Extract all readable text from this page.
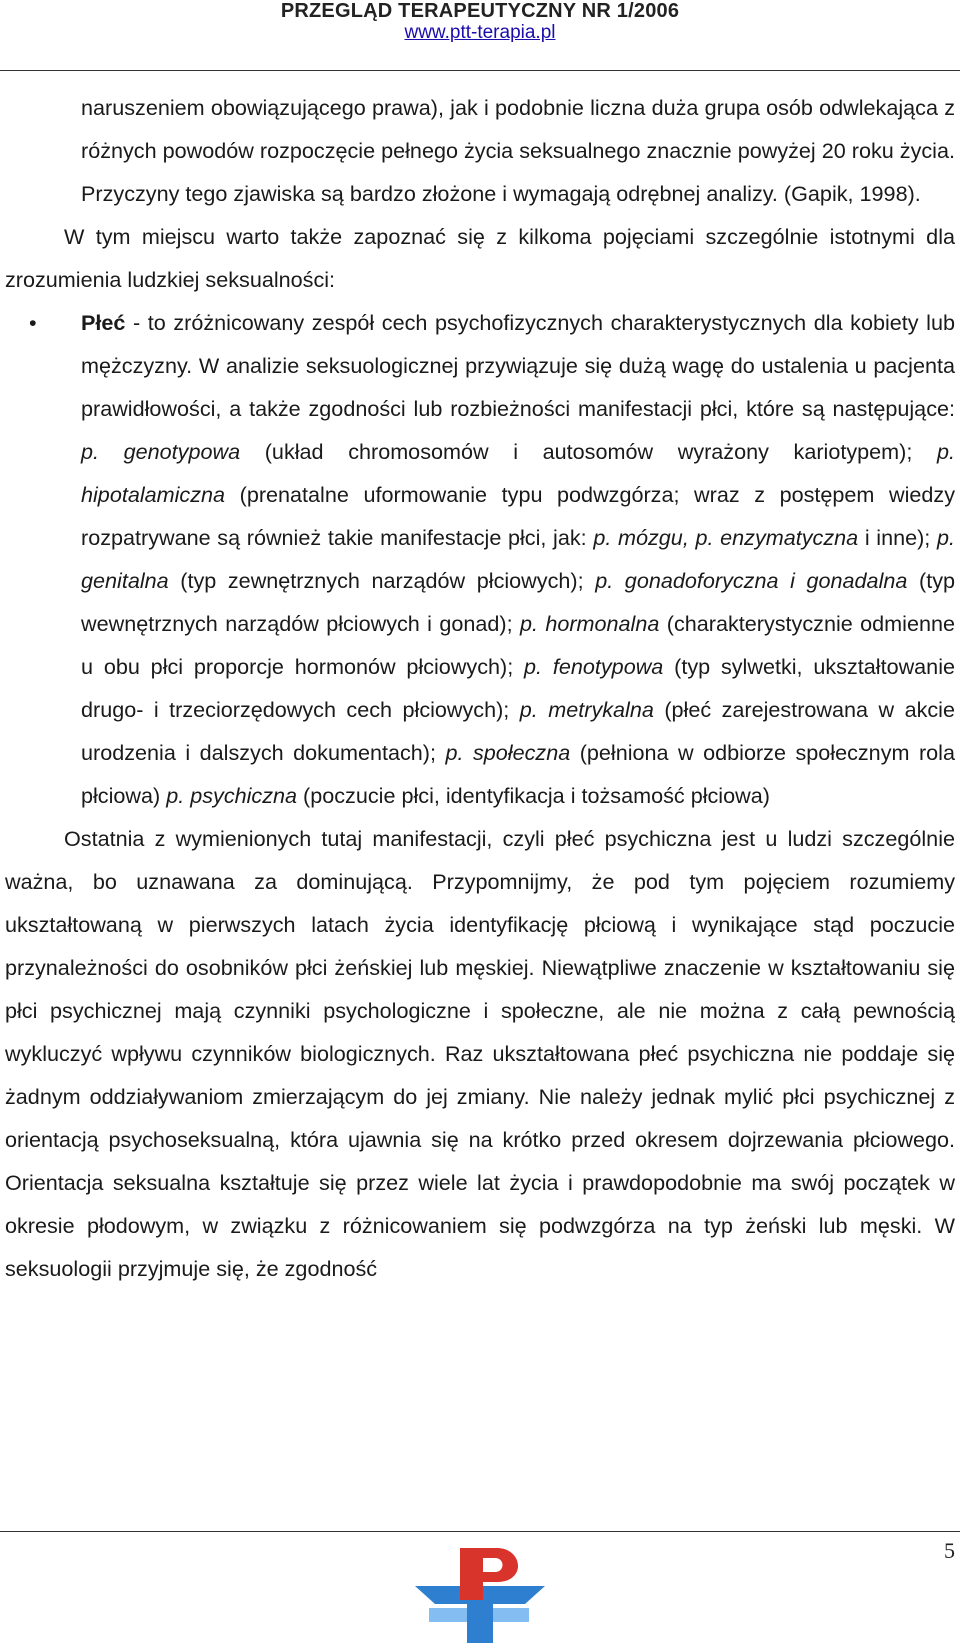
PRZEGLĄD TERAPEUTYCZNY NR 1/2006
www.ptt-terapia.pl

naruszeniem obowiązującego prawa), jak i podobnie liczna duża grupa osób odwlekająca z różnych powodów rozpoczęcie pełnego życia seksualnego znacznie powyżej 20 roku życia. Przyczyny tego zjawiska są bardzo złożone i wymagają odrębnej analizy. (Gapik, 1998).

W tym miejscu warto także zapoznać się z kilkoma pojęciami szczególnie istotnymi dla zrozumienia ludzkiej seksualności:

• Płeć - to zróżnicowany zespół cech psychofizycznych charakterystycznych dla kobiety lub mężczyzny. W analizie seksuologicznej przywiązuje się dużą wagę do ustalenia u pacjenta prawidłowości, a także zgodności lub rozbieżności manifestacji płci, które są następujące: p. genotypowa (układ chromosomów i autosomów wyrażony kariotypem); p. hipotalamiczna (prenatalne uformowanie typu podwzgórza; wraz z postępem wiedzy rozpatrywane są również takie manifestacje płci, jak: p. mózgu, p. enzymatyczna i inne); p. genitalna (typ zewnętrznych narządów płciowych); p. gonadoforyczna i gonadalna (typ wewnętrznych narządów płciowych i gonad); p. hormonalna (charakterystycznie odmienne u obu płci proporcje hormonów płciowych); p. fenotypowa (typ sylwetki, ukształtowanie drugo- i trzeciorzędowych cech płciowych); p. metrykalna (płeć zarejestrowana w akcie urodzenia i dalszych dokumentach); p. społeczna (pełniona w odbiorze społecznym rola płciowa) p. psychiczna (poczucie płci, identyfikacja i tożsamość płciowa)

Ostatnia z wymienionych tutaj manifestacji, czyli płeć psychiczna jest u ludzi szczególnie ważna, bo uznawana za dominującą. Przypomnijmy, że pod tym pojęciem rozumiemy ukształtowaną w pierwszych latach życia identyfikację płciową i wynikające stąd poczucie przynależności do osobników płci żeńskiej lub męskiej. Niewątpliwe znaczenie w kształtowaniu się płci psychicznej mają czynniki psychologiczne i społeczne, ale nie można z całą pewnością wykluczyć wpływu czynników biologicznych. Raz ukształtowana płeć psychiczna nie poddaje się żadnym oddziaływaniom zmierzającym do jej zmiany. Nie należy jednak mylić płci psychicznej z orientacją psychoseksualną, która ujawnia się na krótko przed okresem dojrzewania płciowego. Orientacja seksualna kształtuje się przez wiele lat życia i prawdopodobnie ma swój początek w okresie płodowym, w związku z różnicowaniem się podwzgórza na typ żeński lub męski. W seksuologii przyjmuje się, że zgodność

5
